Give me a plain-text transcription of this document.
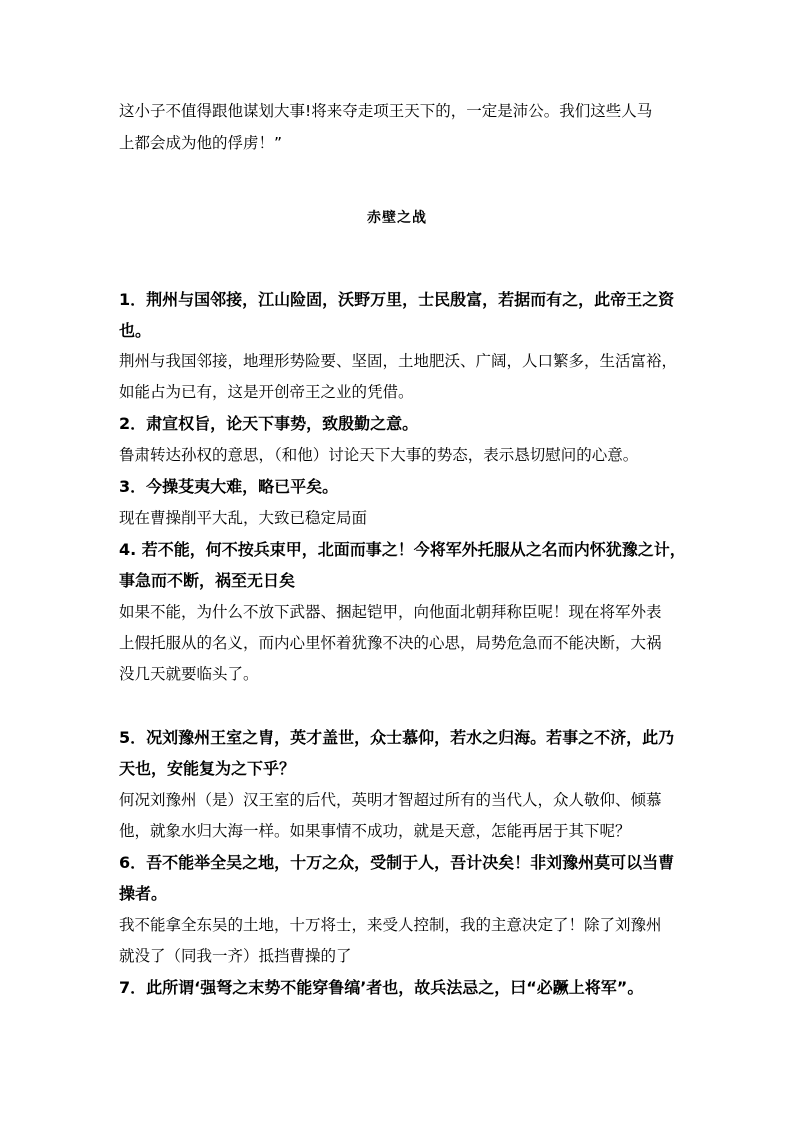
这小子不值得跟他谋划大事!将来夺走项王天下的，一定是沛公。我们这些人马
上都会成为他的俘虏！”
赤壁之战
1．荆州与国邻接，江山险固，沃野万里，士民殷富，若据而有之，此帝王之资
也。
荆州与我国邻接，地理形势险要、坚固，土地肥沃、广阔，人口繁多，生活富裕，
如能占为已有，这是开创帝王之业的凭借。
2．肃宣权旨，论天下事势，致殷勤之意。
鲁肃转达孙权的意思，（和他）讨论天下大事的势态，表示恳切慰问的心意。
3．今操芟夷大难，略已平矣。
现在曹操削平大乱，大致已稳定局面
4. 若不能，何不按兵束甲，北面而事之！今将军外托服从之名而内怀犹豫之计，
事急而不断，祸至无日矣
如果不能，为什么不放下武器、捆起铠甲，向他面北朝拜称臣呢！现在将军外表
上假托服从的名义，而内心里怀着犹豫不决的心思，局势危急而不能决断，大祸
没几天就要临头了。
5．况刘豫州王室之胄，英才盖世，众士慕仰，若水之归海。若事之不济，此乃
天也，安能复为之下乎？
何况刘豫州（是）汉王室的后代，英明才智超过所有的当代人，众人敬仰、倾慕
他，就象水归大海一样。如果事情不成功，就是天意，怎能再居于其下呢？
6．吾不能举全吴之地，十万之众，受制于人，吾计决矣！非刘豫州莫可以当曹
操者。
我不能拿全东吴的土地，十万将士，来受人控制，我的主意决定了！除了刘豫州
就没了（同我一齐）抵挡曹操的了
7．此所谓‘强弩之末势不能穿鲁缟’者也，故兵法忌之，曰“必蹶上将军”。
